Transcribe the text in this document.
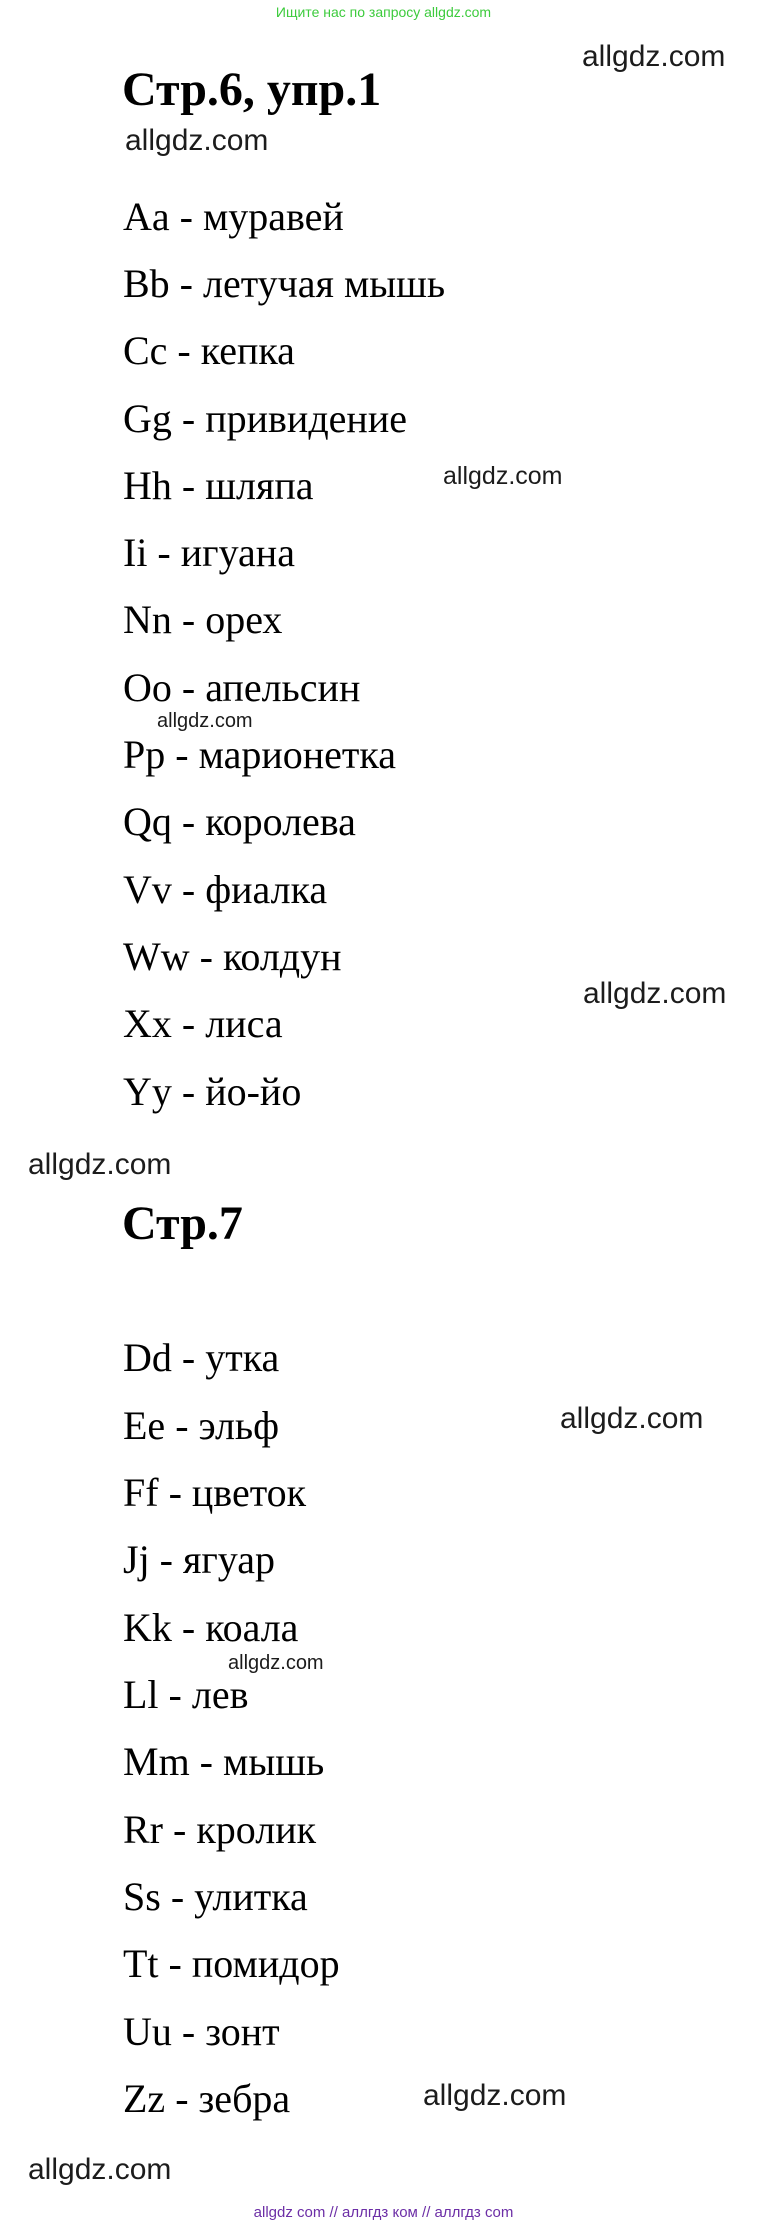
Ищите нас по запросу allgdz.com
allgdz.com
allgdz.com
allgdz.com
allgdz.com
allgdz.com
allgdz.com
allgdz.com
allgdz.com
allgdz.com
allgdz.com
Стр.6, упр.1
Aa - муравей
Bb - летучая мышь
Cc - кепка
Gg - привидение
Hh - шляпа
Ii - игуана
Nn - орех
Oo - апельсин
Pp - марионетка
Qq - королева
Vv - фиалка
Ww - колдун
Xx - лиса
Yy - йо-йо
Стр.7
Dd - утка
Ee - эльф
Ff - цветок
Jj - ягуар
Kk - коала
Ll - лев
Mm - мышь
Rr - кролик
Ss - улитка
Tt - помидор
Uu - зонт
Zz - зебра
allgdz com // аллгдз ком // аллгдз com
